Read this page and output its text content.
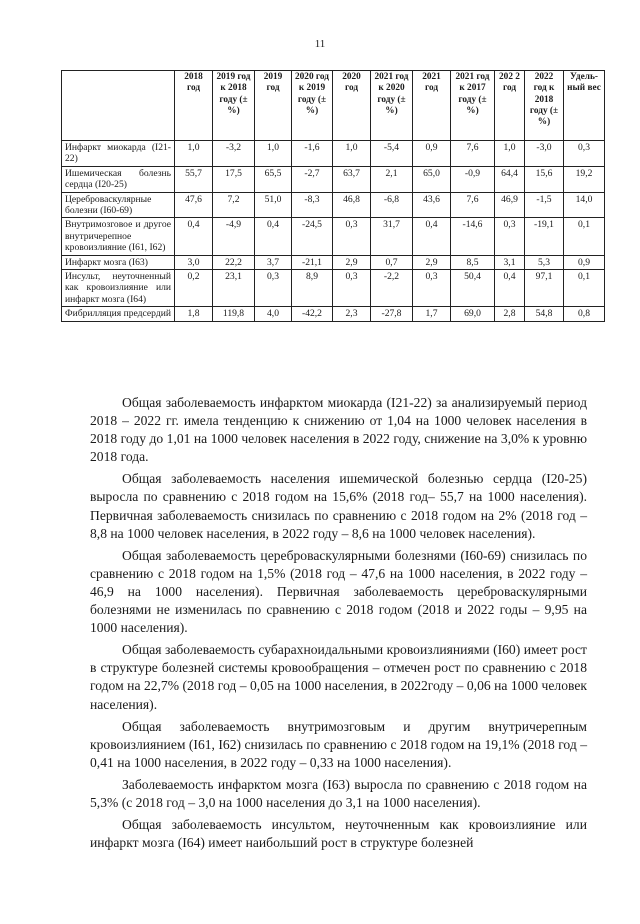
11
	2018 год	2019 год к 2018 году (±%)	2019 год	2020 год к 2019 году (±%)	2020 год	2021 год к 2020 году (±%)	2021 год	2021 год к 2017 году (±%)	202 2 год	2022 год к 2018 году (±%)	Удель- ный вес
Инфаркт миокарда (I21-22)	1,0	-3,2	1,0	-1,6	1,0	-5,4	0,9	7,6	1,0	-3,0	0,3
Ишемическая болезнь сердца (I20-25)	55,7	17,5	65,5	-2,7	63,7	2,1	65,0	-0,9	64,4	15,6	19,2
Цереброваскулярные болезни (I60-69)	47,6	7,2	51,0	-8,3	46,8	-6,8	43,6	7,6	46,9	-1,5	14,0
Внутримозговое и другое внутричерепное кровоизлияние (I61, I62)	0,4	-4,9	0,4	-24,5	0,3	31,7	0,4	-14,6	0,3	-19,1	0,1
Инфаркт мозга (I63)	3,0	22,2	3,7	-21,1	2,9	0,7	2,9	8,5	3,1	5,3	0,9
Инсульт, неуточненный как кровоизлияние или инфаркт мозга (I64)	0,2	23,1	0,3	8,9	0,3	-2,2	0,3	50,4	0,4	97,1	0,1
Фибрилляция предсердий	1,8	119,8	4,0	-42,2	2,3	-27,8	1,7	69,0	2,8	54,8	0,8

Общая заболеваемость инфарктом миокарда (I21-22) за анализируемый период 2018 – 2022 гг. имела тенденцию к снижению от 1,04 на 1000 человек населения в 2018 году до 1,01 на 1000 человек населения в 2022 году, снижение на 3,0% к уровню 2018 года.

Общая заболеваемость населения ишемической болезнью сердца (I20-25) выросла по сравнению с 2018 годом на 15,6% (2018 год– 55,7 на 1000 населения). Первичная заболеваемость снизилась по сравнению с 2018 годом на 2% (2018 год – 8,8 на 1000 человек населения, в 2022 году – 8,6 на 1000 человек населения).

Общая заболеваемость цереброваскулярными болезнями (I60-69) снизилась по сравнению с 2018 годом на 1,5% (2018 год – 47,6 на 1000 населения, в 2022 году – 46,9 на 1000 населения). Первичная заболеваемость цереброваскулярными болезнями не изменилась по сравнению с 2018 годом (2018 и 2022 годы – 9,95 на 1000 населения).

Общая заболеваемость субарахноидальными кровоизлияниями (I60) имеет рост в структуре болезней системы кровообращения – отмечен рост по сравнению с 2018 годом на 22,7% (2018 год – 0,05 на 1000 населения, в 2022году – 0,06 на 1000 человек населения).

Общая заболеваемость внутримозговым и другим внутричерепным кровоизлиянием (I61, I62) снизилась по сравнению с 2018 годом на 19,1% (2018 год – 0,41 на 1000 населения, в 2022 году – 0,33 на 1000 населения).

Заболеваемость инфарктом мозга (I63) выросла по сравнению с 2018 годом на 5,3% (с 2018 год – 3,0 на 1000 населения до 3,1 на 1000 населения).

Общая заболеваемость инсультом, неуточненным как кровоизлияние или инфаркт мозга (I64) имеет наибольший рост в структуре болезней
